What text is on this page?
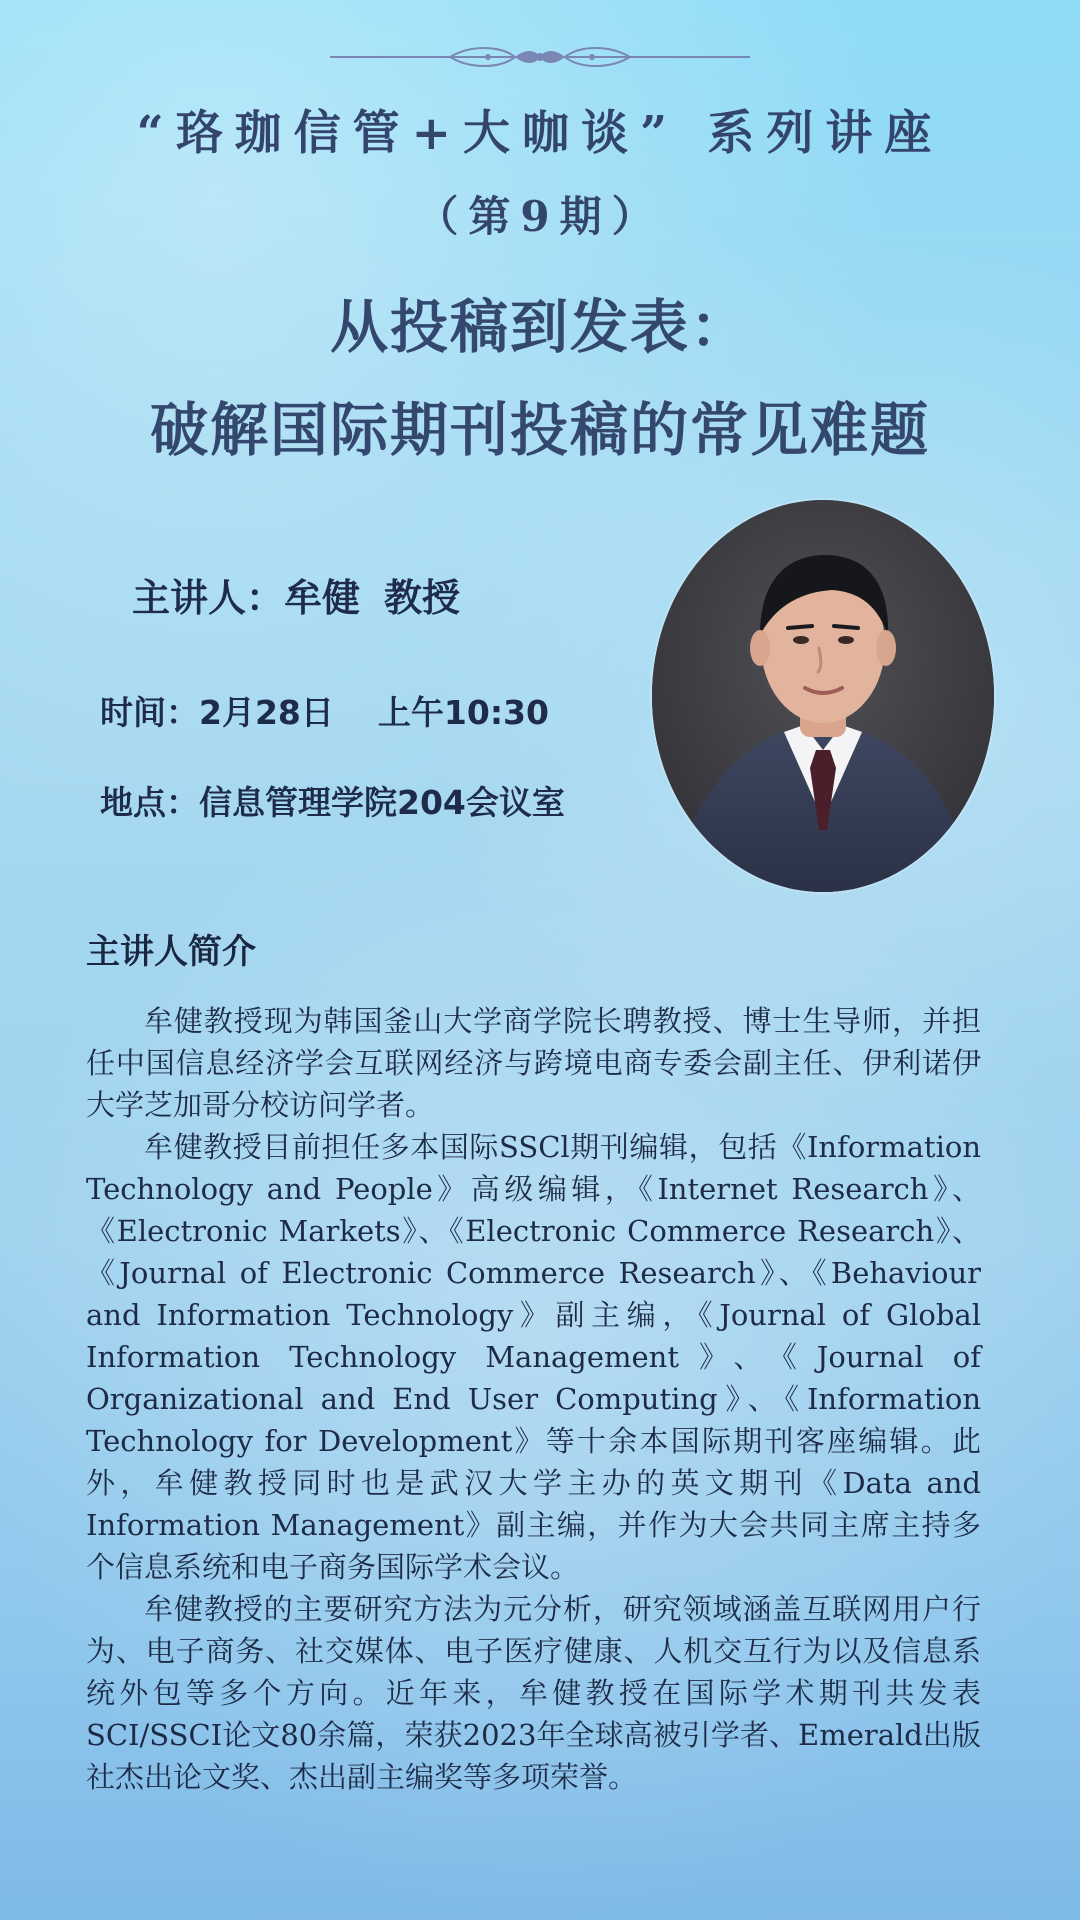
“珞珈信管+大咖谈” 系列讲座
（第9期）
从投稿到发表：
破解国际期刊投稿的常见难题
主讲人：牟健 教授
时间：2月28日 上午10:30
地点：信息管理学院204会议室
主讲人简介

牟健教授现为韩国釜山大学商学院长聘教授、博士生导师，并担任中国信息经济学会互联网经济与跨境电商专委会副主任、伊利诺伊大学芝加哥分校访问学者。

牟健教授目前担任多本国际SSCl期刊编辑，包括《Information Technology and People》高级编辑，《Internet Research》、《Electronic Markets》、《Electronic Commerce Research》、《Journal of Electronic Commerce Research》、《Behaviour and Information Technology》副主编，《Journal of Global Information Technology Management》、《Journal of Organizational and End User Computing》、《Information Technology for Development》等十余本国际期刊客座编辑。此外，牟健教授同时也是武汉大学主办的英文期刊《Data and Information Management》副主编，并作为大会共同主席主持多个信息系统和电子商务国际学术会议。

牟健教授的主要研究方法为元分析，研究领域涵盖互联网用户行为、电子商务、社交媒体、电子医疗健康、人机交互行为以及信息系统外包等多个方向。近年来，牟健教授在国际学术期刊共发表SCI/SSCI论文80余篇，荣获2023年全球高被引学者、Emerald出版社杰出论文奖、杰出副主编奖等多项荣誉。
